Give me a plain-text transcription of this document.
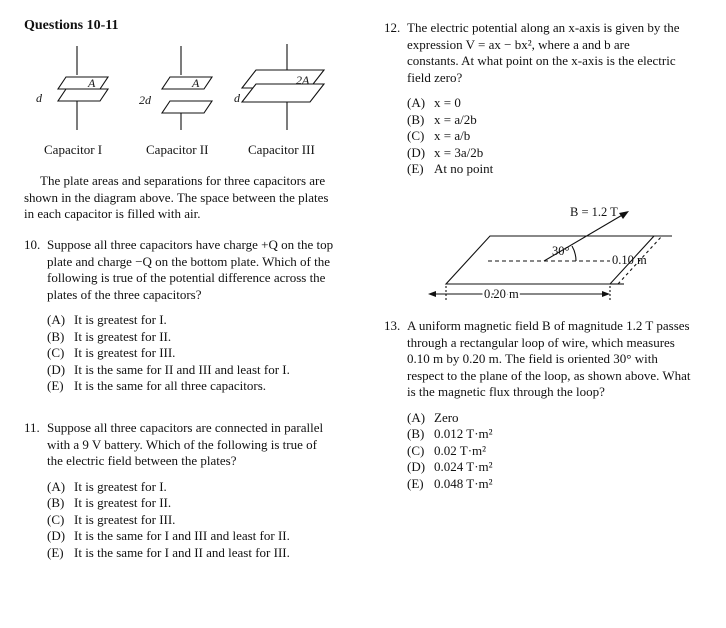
Questions 10-11
A
d
A
2d
2A
d
Capacitor I	Capacitor II	Capacitor III
The plate areas and separations for three capacitors are shown in the diagram above. The space between the plates in each capacitor is filled with air.
10. Suppose all three capacitors have charge +Q on the top plate and charge −Q on the bottom plate. Which of the following is true of the potential difference across the plates of the three capacitors?
(A) It is greatest for I.
(B) It is greatest for II.
(C) It is greatest for III.
(D) It is the same for II and III and least for I.
(E) It is the same for all three capacitors.
11. Suppose all three capacitors are connected in parallel with a 9 V battery. Which of the following is true of the electric field between the plates?
(A) It is greatest for I.
(B) It is greatest for II.
(C) It is greatest for III.
(D) It is the same for I and III and least for II.
(E) It is the same for I and II and least for III.
12. The electric potential along an x-axis is given by the expression V = ax − bx², where a and b are constants. At what point on the x-axis is the electric field zero?
(A) x = 0
(B) x = a/2b
(C) x = a/b
(D) x = 3a/2b
(E) At no point
B = 1.2 T
30°
0.10 m
0.20 m
13. A uniform magnetic field B of magnitude 1.2 T passes through a rectangular loop of wire, which measures 0.10 m by 0.20 m. The field is oriented 30° with respect to the plane of the loop, as shown above. What is the magnetic flux through the loop?
(A) Zero
(B) 0.012 T·m²
(C) 0.02 T·m²
(D) 0.024 T·m²
(E) 0.048 T·m²
